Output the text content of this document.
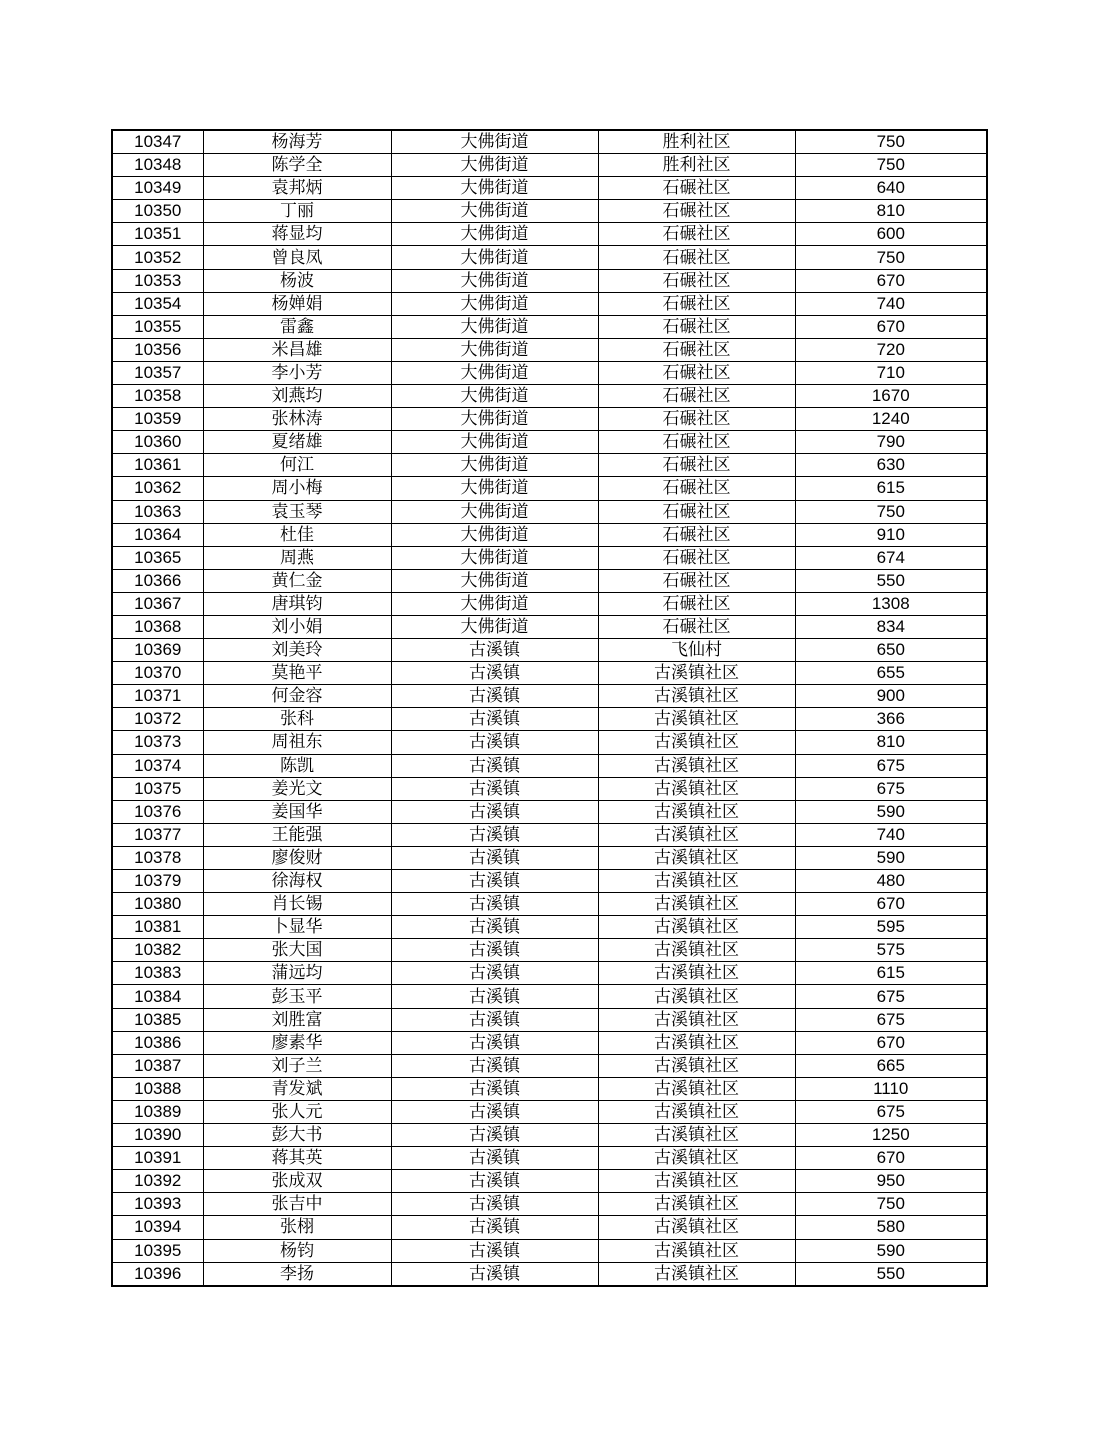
10347	杨海芳	大佛街道	胜利社区	750
10348	陈学全	大佛街道	胜利社区	750
10349	袁邦炳	大佛街道	石碾社区	640
10350	丁丽	大佛街道	石碾社区	810
10351	蒋显均	大佛街道	石碾社区	600
10352	曾良凤	大佛街道	石碾社区	750
10353	杨波	大佛街道	石碾社区	670
10354	杨婵娟	大佛街道	石碾社区	740
10355	雷鑫	大佛街道	石碾社区	670
10356	米昌雄	大佛街道	石碾社区	720
10357	李小芳	大佛街道	石碾社区	710
10358	刘燕均	大佛街道	石碾社区	1670
10359	张林涛	大佛街道	石碾社区	1240
10360	夏绪雄	大佛街道	石碾社区	790
10361	何江	大佛街道	石碾社区	630
10362	周小梅	大佛街道	石碾社区	615
10363	袁玉琴	大佛街道	石碾社区	750
10364	杜佳	大佛街道	石碾社区	910
10365	周燕	大佛街道	石碾社区	674
10366	黄仁金	大佛街道	石碾社区	550
10367	唐琪钧	大佛街道	石碾社区	1308
10368	刘小娟	大佛街道	石碾社区	834
10369	刘美玲	古溪镇	飞仙村	650
10370	莫艳平	古溪镇	古溪镇社区	655
10371	何金容	古溪镇	古溪镇社区	900
10372	张科	古溪镇	古溪镇社区	366
10373	周祖东	古溪镇	古溪镇社区	810
10374	陈凯	古溪镇	古溪镇社区	675
10375	姜光文	古溪镇	古溪镇社区	675
10376	姜国华	古溪镇	古溪镇社区	590
10377	王能强	古溪镇	古溪镇社区	740
10378	廖俊财	古溪镇	古溪镇社区	590
10379	徐海权	古溪镇	古溪镇社区	480
10380	肖长锡	古溪镇	古溪镇社区	670
10381	卜显华	古溪镇	古溪镇社区	595
10382	张大国	古溪镇	古溪镇社区	575
10383	蒲远均	古溪镇	古溪镇社区	615
10384	彭玉平	古溪镇	古溪镇社区	675
10385	刘胜富	古溪镇	古溪镇社区	675
10386	廖素华	古溪镇	古溪镇社区	670
10387	刘子兰	古溪镇	古溪镇社区	665
10388	青发斌	古溪镇	古溪镇社区	1110
10389	张人元	古溪镇	古溪镇社区	675
10390	彭大书	古溪镇	古溪镇社区	1250
10391	蒋其英	古溪镇	古溪镇社区	670
10392	张成双	古溪镇	古溪镇社区	950
10393	张吉中	古溪镇	古溪镇社区	750
10394	张栩	古溪镇	古溪镇社区	580
10395	杨钧	古溪镇	古溪镇社区	590
10396	李扬	古溪镇	古溪镇社区	550
